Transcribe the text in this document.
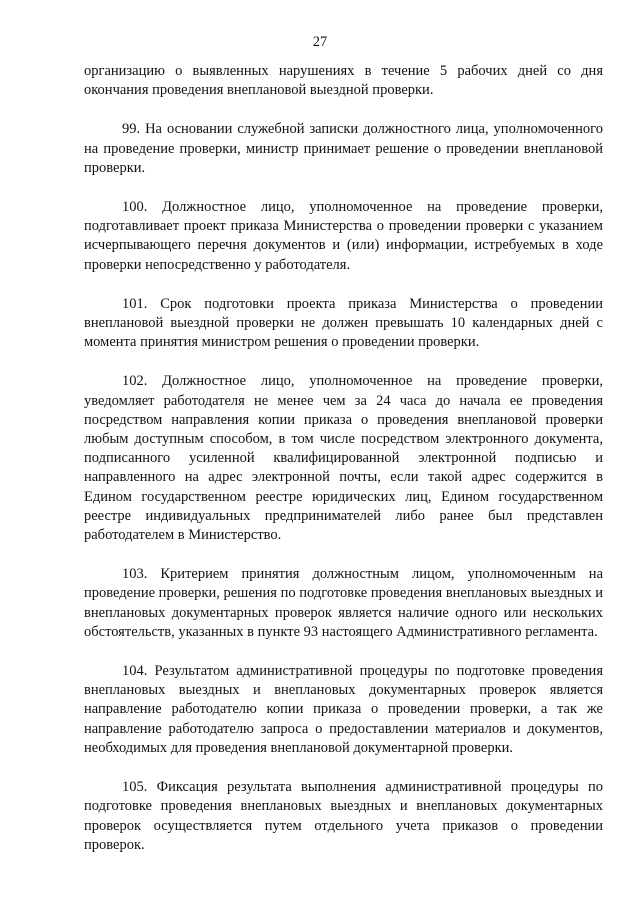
27

организацию о выявленных нарушениях в течение 5 рабочих дней со дня окончания проведения внеплановой выездной проверки.

99. На основании служебной записки должностного лица, уполномоченного на проведение проверки, министр принимает решение о проведении внеплановой проверки.

100. Должностное лицо, уполномоченное на проведение проверки, подготавливает проект приказа Министерства о проведении проверки с указанием исчерпывающего перечня документов и (или) информации, истребуемых в ходе проверки непосредственно у работодателя.

101. Срок подготовки проекта приказа Министерства о проведении внеплановой выездной проверки не должен превышать 10 календарных дней с момента принятия министром решения о проведении проверки.

102. Должностное лицо, уполномоченное на проведение проверки, уведомляет работодателя не менее чем за 24 часа до начала ее проведения посредством направления копии приказа о проведения внеплановой проверки любым доступным способом, в том числе посредством электронного документа, подписанного усиленной квалифицированной электронной подписью и направленного на адрес электронной почты, если такой адрес содержится в Едином государственном реестре юридических лиц, Едином государственном реестре индивидуальных предпринимателей либо ранее был представлен работодателем в Министерство.

103. Критерием принятия должностным лицом, уполномоченным на проведение проверки, решения по подготовке проведения внеплановых выездных и внеплановых документарных проверок является наличие одного или нескольких обстоятельств, указанных в пункте 93 настоящего Административного регламента.

104. Результатом административной процедуры по подготовке проведения внеплановых выездных и внеплановых документарных проверок является направление работодателю копии приказа о проведении проверки, а так же направление работодателю запроса о предоставлении материалов и документов, необходимых для проведения внеплановой документарной проверки.

105. Фиксация результата выполнения административной процедуры по подготовке проведения внеплановых выездных и внеплановых документарных проверок осуществляется путем отдельного учета приказов о проведении проверок.
